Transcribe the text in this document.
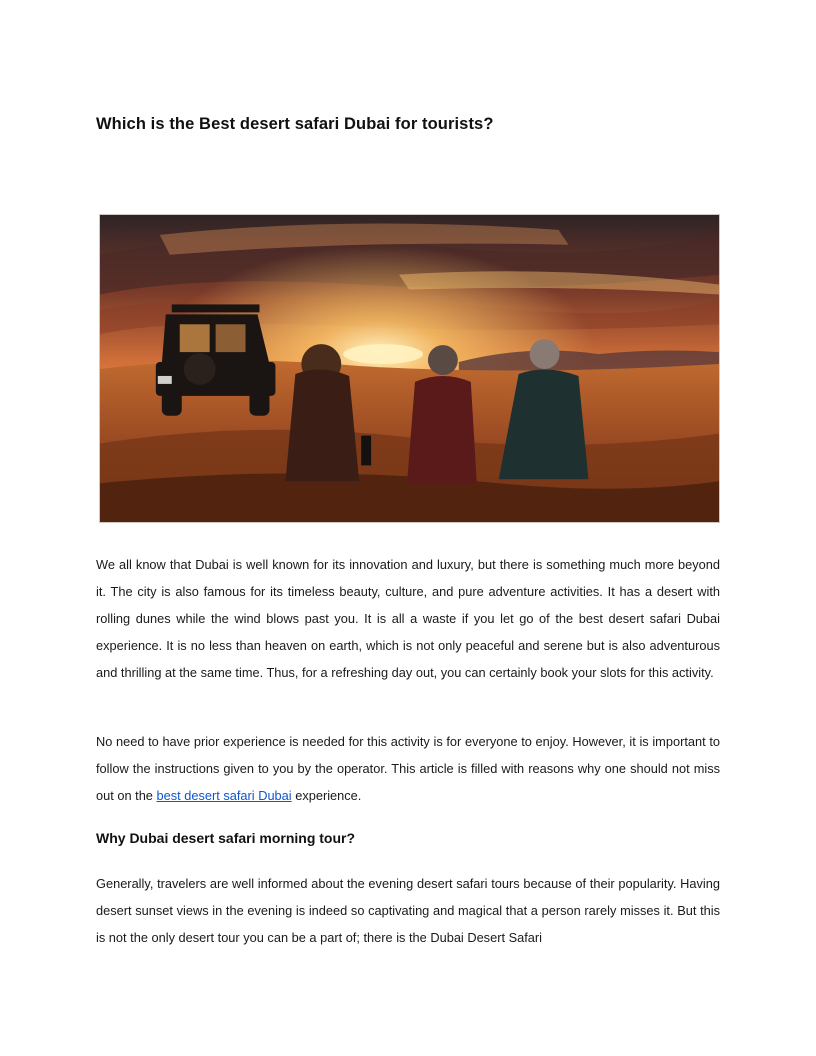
Which is the Best desert safari Dubai for tourists?

We all know that Dubai is well known for its innovation and luxury, but there is something much more beyond it. The city is also famous for its timeless beauty, culture, and pure adventure activities. It has a desert with rolling dunes while the wind blows past you. It is all a waste if you let go of the best desert safari Dubai experience. It is no less than heaven on earth, which is not only peaceful and serene but is also adventurous and thrilling at the same time. Thus, for a refreshing day out, you can certainly book your slots for this activity.

No need to have prior experience is needed for this activity is for everyone to enjoy. However, it is important to follow the instructions given to you by the operator. This article is filled with reasons why one should not miss out on the best desert safari Dubai experience.

Why Dubai desert safari morning tour?

Generally, travelers are well informed about the evening desert safari tours because of their popularity. Having desert sunset views in the evening is indeed so captivating and magical that a person rarely misses it. But this is not the only desert tour you can be a part of; there is the Dubai Desert Safari
